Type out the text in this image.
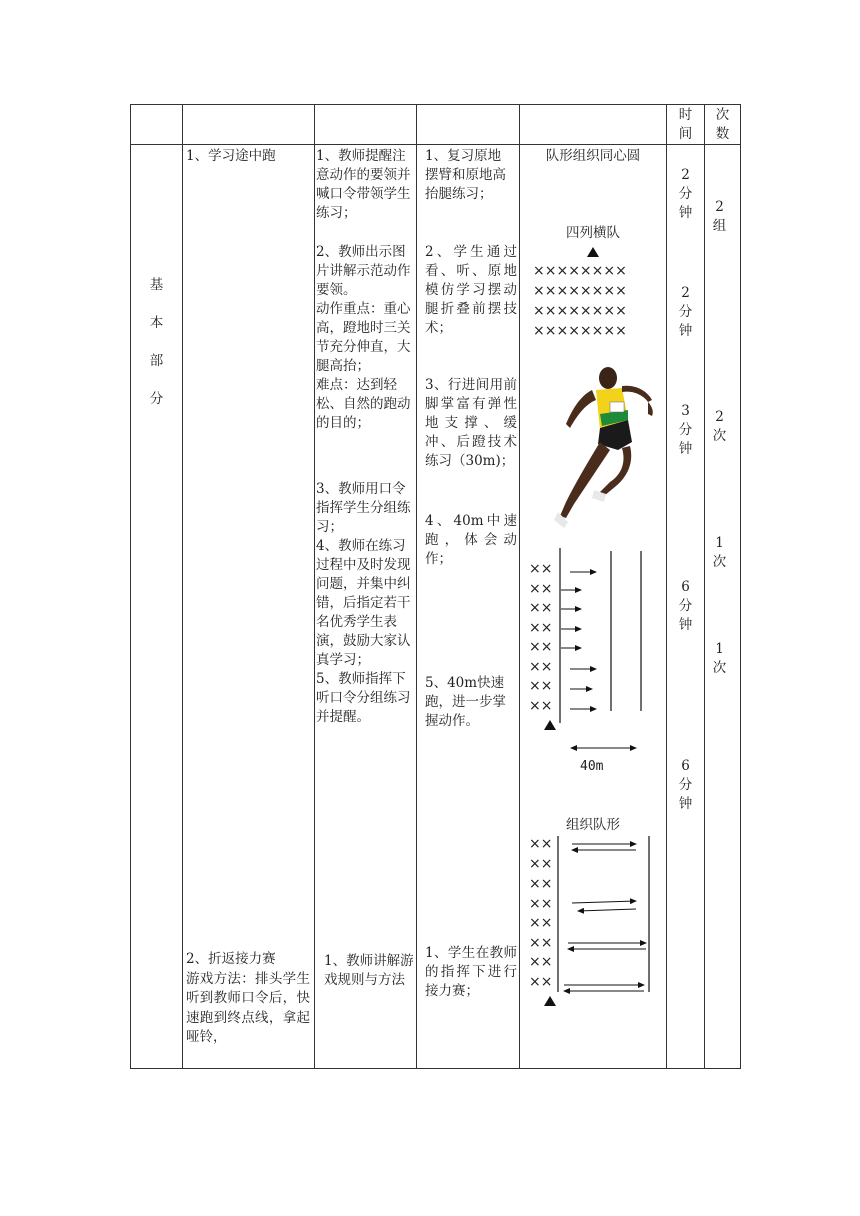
时
间
次
数
基

本

部

分
1、学习途中跑
2、折返接力赛
游戏方法：排头学生听到教师口令后，快速跑到终点线，拿起哑铃，
1、教师提醒注意动作的要领并喊口令带领学生练习；
2、教师出示图片讲解示范动作要领。
动作重点：重心高，蹬地时三关节充分伸直，大腿高抬；
难点：达到轻松、自然的跑动的目的；
3、教师用口令指挥学生分组练习；
4、教师在练习过程中及时发现问题，并集中纠错，后指定若干名优秀学生表演，鼓励大家认真学习；
5、教师指挥下听口令分组练习并提醒。
1、教师讲解游戏规则与方法
1、复习原地摆臂和原地高抬腿练习；
2、学生通过看、听、原地模仿学习摆动腿折叠前摆技术；
3、行进间用前脚掌富有弹性地支撑、缓冲、后蹬技术练习（30m)；
4、40m中速跑，体会动作；
5、40m快速跑，进一步掌握动作。
1、学生在教师的指挥下进行接力赛；
队形组织同心圆
四列横队
××××××××
××××××××
××××××××
××××××××
××
××
××
××
××
××
××
××
40m
组织队形
××
××
××
××
××
××
××
××
2
分
钟
2
分
钟
3
分
钟
6
分
钟
6
分
钟
2
组
2
次
1
次
1
次
